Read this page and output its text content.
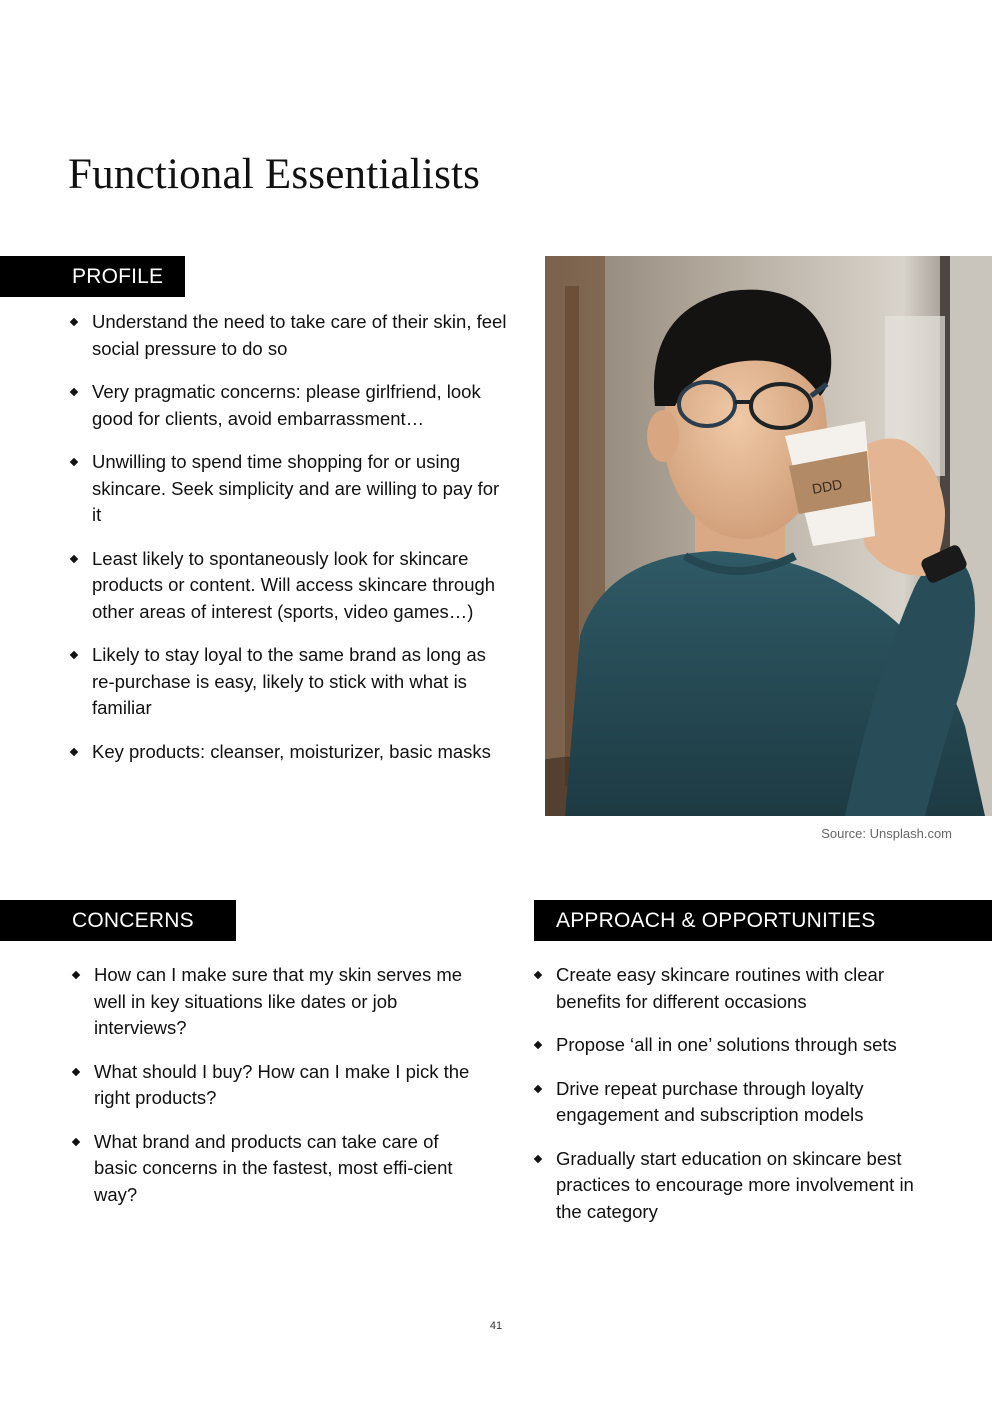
Functional Essentialists
PROFILE
Understand the need to take care of their skin, feel social pressure to do so
Very pragmatic concerns: please girlfriend, look good for clients, avoid embarrassment…
Unwilling to spend time shopping for or using skincare. Seek simplicity and are willing to pay for it
Least likely to spontaneously look for skincare products or content. Will access skincare through other areas of interest (sports, video games…)
Likely to stay loyal to the same brand as long as re-purchase is easy, likely to stick with what is familiar
Key products: cleanser, moisturizer, basic masks
DDD
Source: Unsplash.com
CONCERNS
How can I make sure that my skin serves me well in key situations like dates or job interviews?
What should I buy? How can I make I pick the right products?
What brand and products can take care of basic concerns in the fastest, most effi-cient way?
APPROACH & OPPORTUNITIES
Create easy skincare routines with clear benefits for different occasions
Propose ‘all in one’ solutions through sets
Drive repeat purchase through loyalty engagement and subscription models
Gradually start education on skincare best practices to encourage more involvement in the category
41
